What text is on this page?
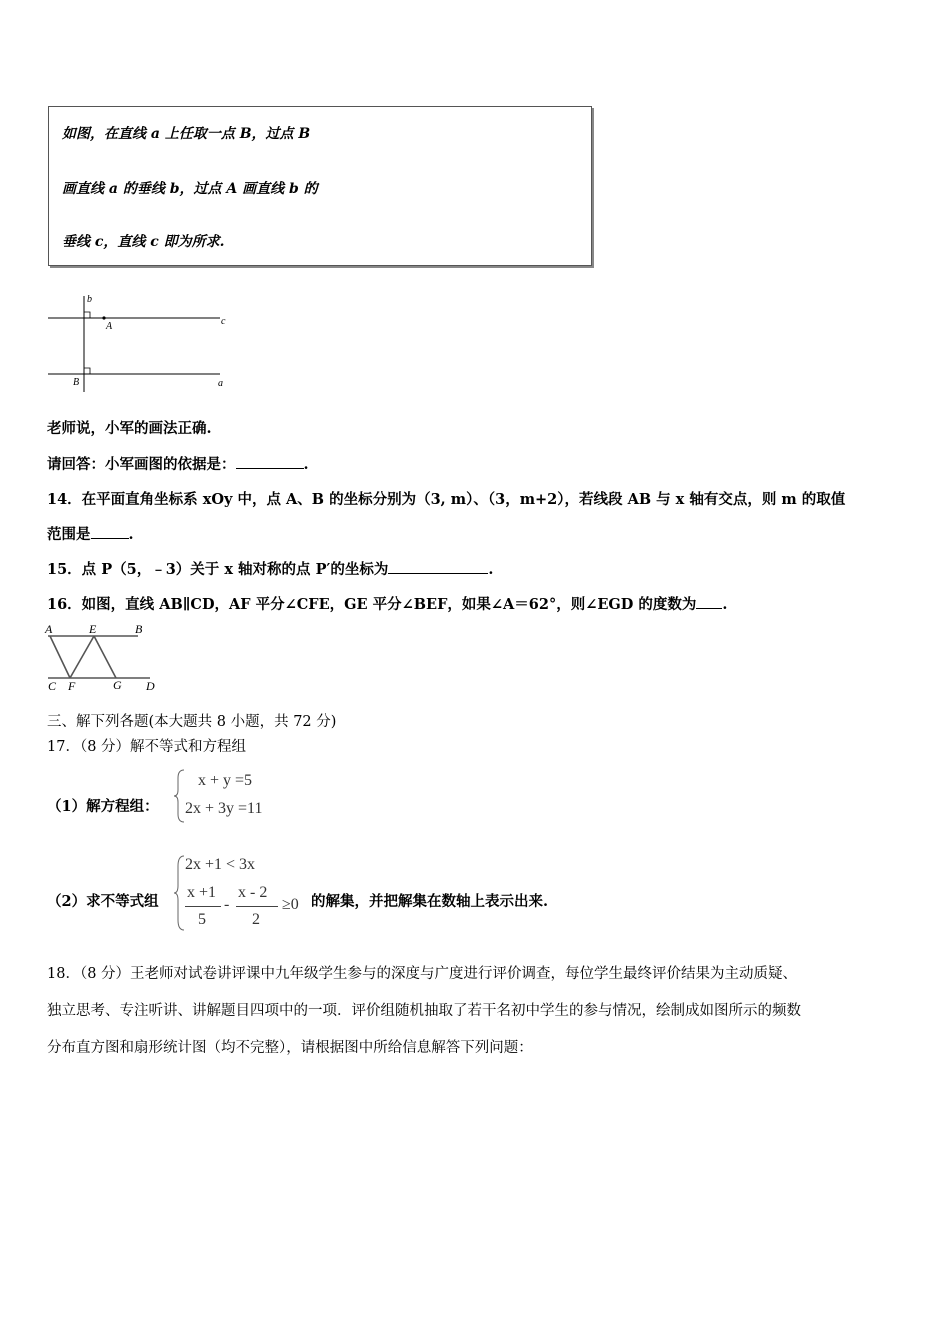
如图，在直线 a 上任取一点 B，过点 B
画直线 a 的垂线 b，过点 A 画直线 b 的
垂线 c，直线 c 即为所求.
b
A	c
B	a
老师说，小军的画法正确.
请回答：小军画图的依据是：	.
14．在平面直角坐标系 xOy 中，点 A、B 的坐标分别为（3, m）、（3，m+2），若线段 AB 与 x 轴有交点，则 m 的取值
范围是	.
15．点 P（5，﹣3）关于 x 轴对称的点 P′的坐标为	.
16．如图，直线 AB∥CD，AF 平分∠CFE，GE 平分∠BEF，如果∠A＝62°，则∠EGD 的度数为 .
A	E	B
C F	G D
三、解下列各题(本大题共 8 小题，共 72 分)
17．（8 分）解不等式和方程组
（1）解方程组：
x + y =5
2x + 3y =11
2x +1 < 3x
x +1
5
-
x - 2
2
≥0
（2）求不等式组	的解集，并把解集在数轴上表示出来.
18．（8 分）王老师对试卷讲评课中九年级学生参与的深度与广度进行评价调查，每位学生最终评价结果为主动质疑、
独立思考、专注听讲、讲解题目四项中的一项．评价组随机抽取了若干名初中学生的参与情况，绘制成如图所示的频数
分布直方图和扇形统计图（均不完整），请根据图中所给信息解答下列问题：
